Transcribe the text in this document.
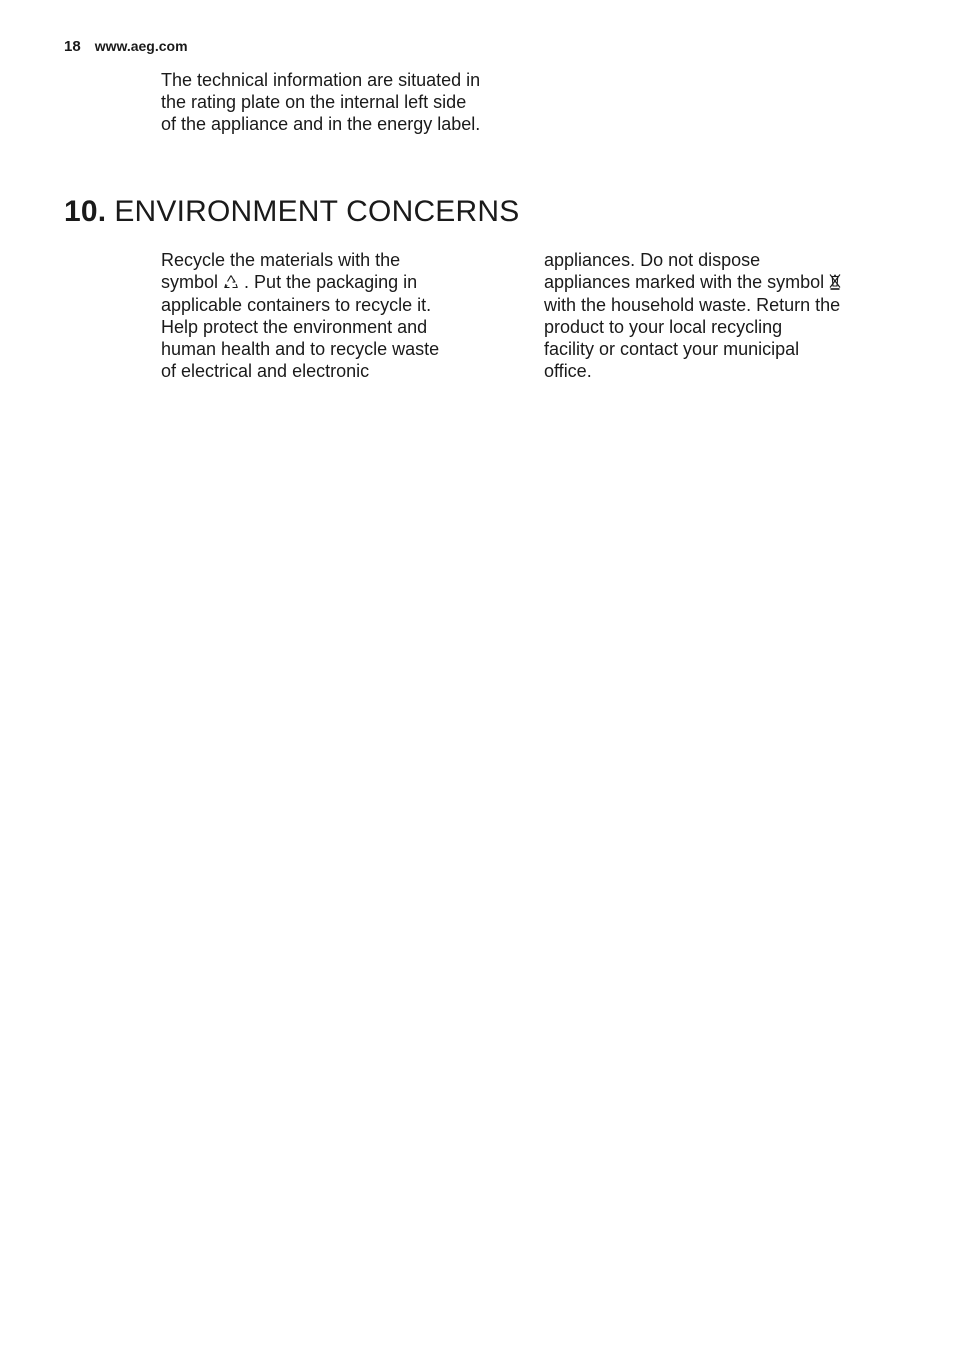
18 www.aeg.com
The technical information are situated in
the rating plate on the internal left side
of the appliance and in the energy label.
10. ENVIRONMENT CONCERNS
Recycle the materials with the
symbol . Put the packaging in
applicable containers to recycle it.
Help protect the environment and
human health and to recycle waste
of electrical and electronic
appliances. Do not dispose
appliances marked with the symbol
with the household waste. Return the
product to your local recycling
facility or contact your municipal
office.
